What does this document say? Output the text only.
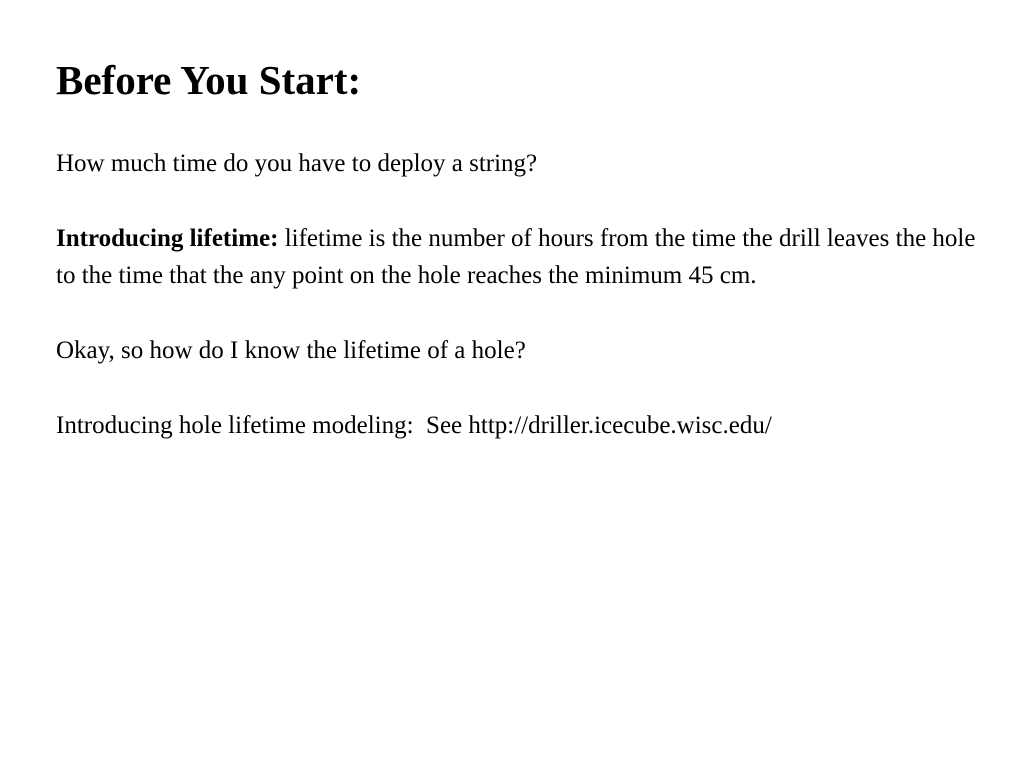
Before You Start:

How much time do you have to deploy a string?

Introducing lifetime: lifetime is the number of hours from the time the drill leaves the hole to the time that the any point on the hole reaches the minimum 45 cm.

Okay, so how do I know the lifetime of a hole?

Introducing hole lifetime modeling:  See http://driller.icecube.wisc.edu/
